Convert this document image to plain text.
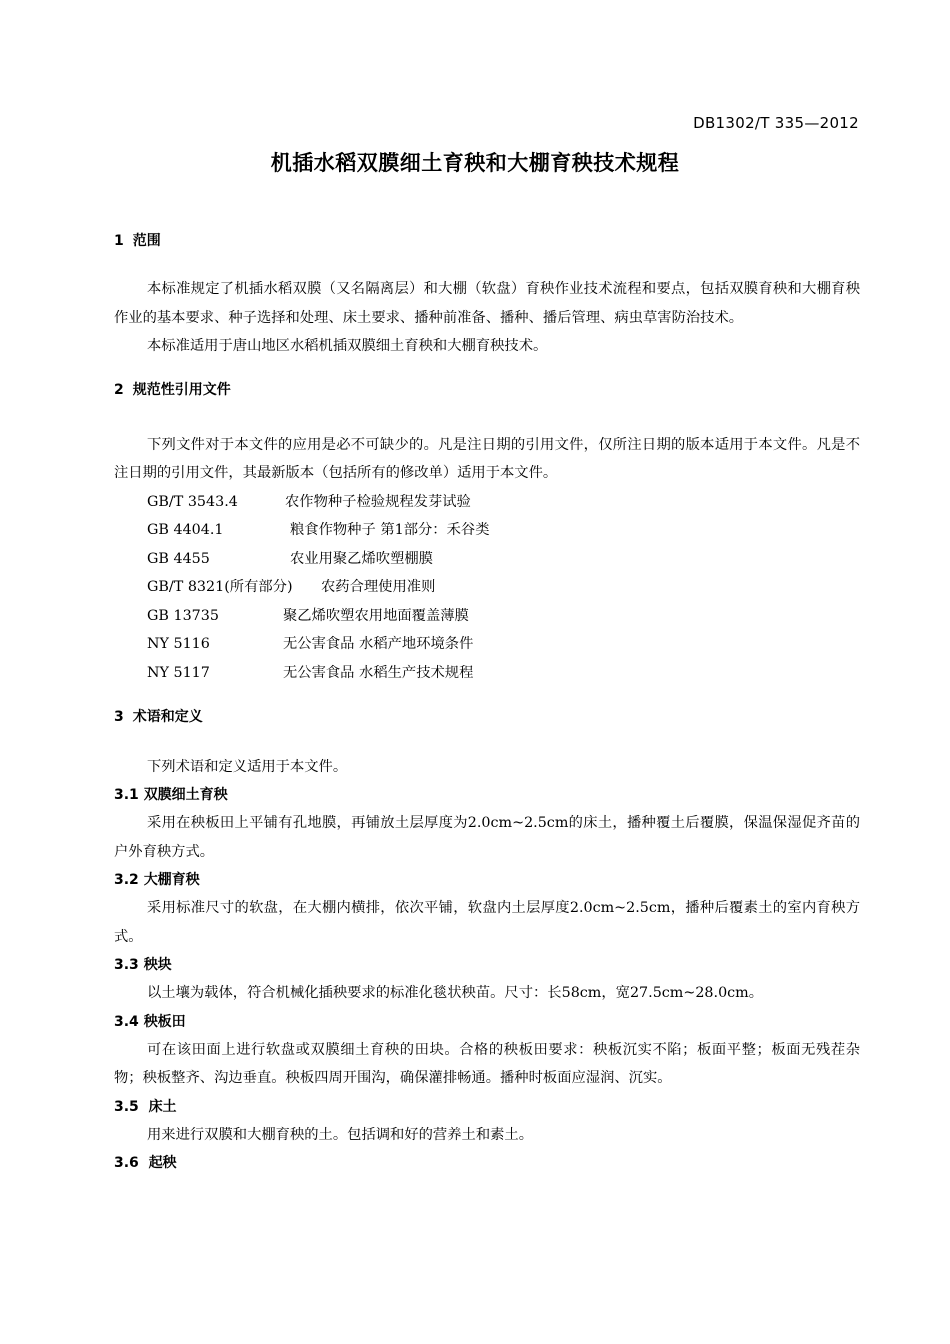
DB1302/T 335—2012
机插水稻双膜细土育秧和大棚育秧技术规程
1 范围
本标准规定了机插水稻双膜（又名隔离层）和大棚（软盘）育秧作业技术流程和要点，包括双膜育秧和大棚育秧作业的基本要求、种子选择和处理、床土要求、播种前准备、播种、播后管理、病虫草害防治技术。
本标准适用于唐山地区水稻机插双膜细土育秧和大棚育秧技术。
2 规范性引用文件
下列文件对于本文件的应用是必不可缺少的。凡是注日期的引用文件，仅所注日期的版本适用于本文件。凡是不注日期的引用文件，其最新版本（包括所有的修改单）适用于本文件。
GB/T 3543.4	农作物种子检验规程发芽试验
GB 4404.1	粮食作物种子 第1部分：禾谷类
GB 4455	农业用聚乙烯吹塑棚膜
GB/T 8321(所有部分)	农药合理使用准则
GB 13735	聚乙烯吹塑农用地面覆盖薄膜
NY 5116	无公害食品 水稻产地环境条件
NY 5117	无公害食品 水稻生产技术规程
3 术语和定义
下列术语和定义适用于本文件。
3.1 双膜细土育秧
采用在秧板田上平铺有孔地膜，再铺放土层厚度为2.0cm~2.5cm的床土，播种覆土后覆膜，保温保湿促齐苗的户外育秧方式。
3.2 大棚育秧
采用标准尺寸的软盘，在大棚内横排，依次平铺，软盘内土层厚度2.0cm~2.5cm，播种后覆素土的室内育秧方式。
3.3 秧块
以土壤为载体，符合机械化插秧要求的标准化毯状秧苗。尺寸：长58cm，宽27.5cm~28.0cm。
3.4 秧板田
可在该田面上进行软盘或双膜细土育秧的田块。合格的秧板田要求：秧板沉实不陷；板面平整；板面无残茬杂物；秧板整齐、沟边垂直。秧板四周开围沟，确保灌排畅通。播种时板面应湿润、沉实。
3.5 床土
用来进行双膜和大棚育秧的土。包括调和好的营养土和素土。
3.6 起秧
